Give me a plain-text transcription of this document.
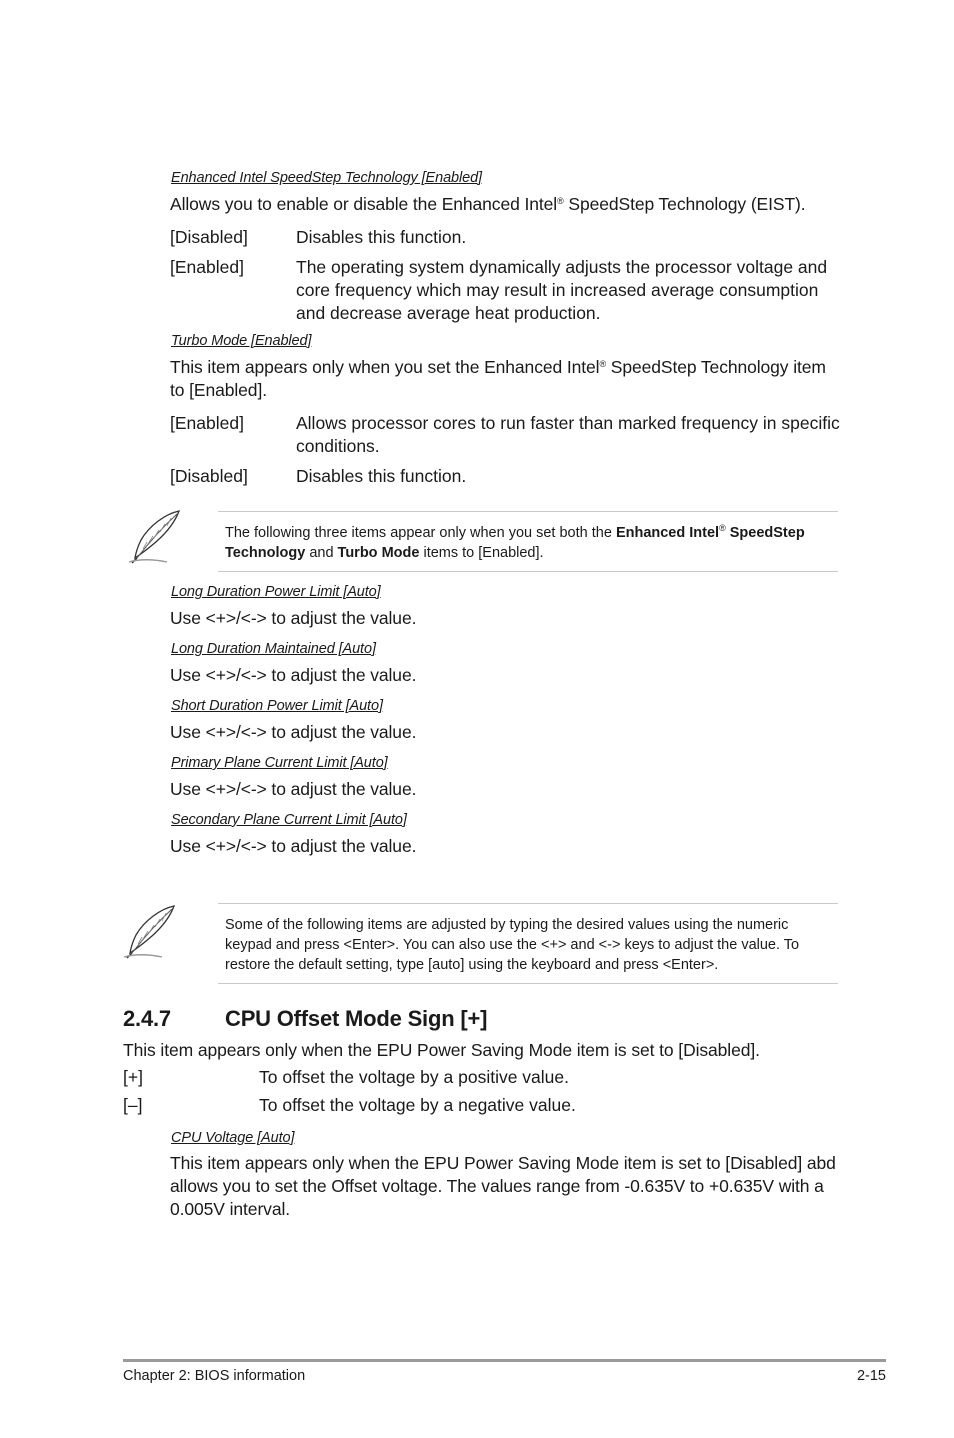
Enhanced Intel SpeedStep Technology [Enabled]
Allows you to enable or disable the Enhanced Intel® SpeedStep Technology (EIST).
[Disabled]	Disables this function.
[Enabled]	The operating system dynamically adjusts the processor voltage and core frequency which may result in increased average consumption and decrease average heat production.
Turbo Mode [Enabled]
This item appears only when you set the Enhanced Intel® SpeedStep Technology item to [Enabled].
[Enabled]	Allows processor cores to run faster than marked frequency in specific conditions.
[Disabled]	Disables this function.
The following three items appear only when you set both the Enhanced Intel® SpeedStep Technology and Turbo Mode items to [Enabled].
Long Duration Power Limit [Auto]
Use <+>/<-> to adjust the value.
Long Duration Maintained [Auto]
Use <+>/<-> to adjust the value.
Short Duration Power Limit [Auto]
Use <+>/<-> to adjust the value.
Primary Plane Current Limit [Auto]
Use <+>/<-> to adjust the value.
Secondary Plane Current Limit [Auto]
Use <+>/<-> to adjust the value.
Some of the following items are adjusted by typing the desired values using the numeric keypad and press <Enter>. You can also use the <+> and <-> keys to adjust the value. To restore the default setting, type [auto] using the keyboard and press <Enter>.
2.4.7 CPU Offset Mode Sign [+]
This item appears only when the EPU Power Saving Mode item is set to [Disabled].
[+]	To offset the voltage by a positive value.
[–]	To offset the voltage by a negative value.
CPU Voltage [Auto]
This item appears only when the EPU Power Saving Mode item is set to [Disabled] abd allows you to set the Offset voltage. The values range from -0.635V to +0.635V with a 0.005V interval.
Chapter 2: BIOS information	2-15
